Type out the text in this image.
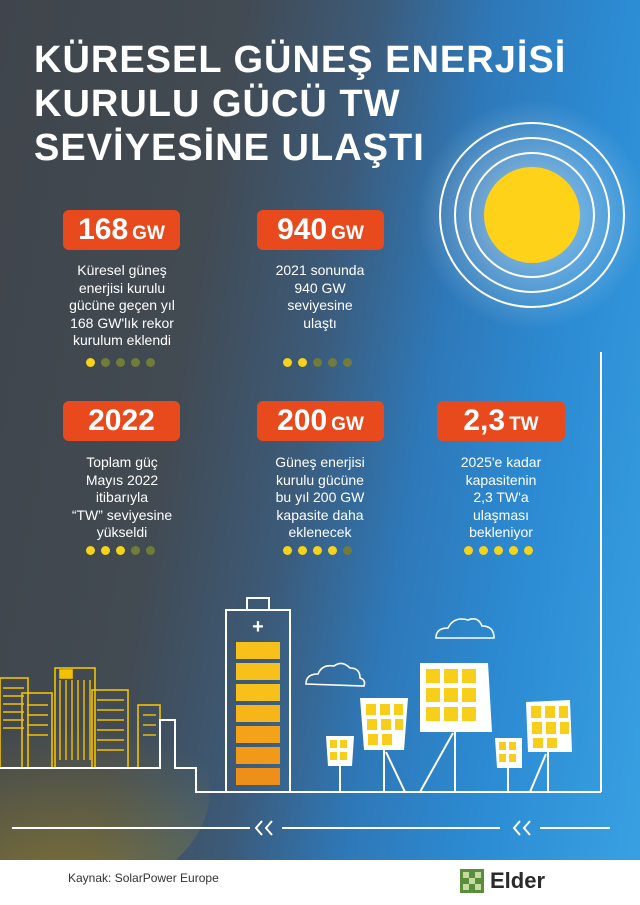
+
KÜRESEL GÜNEŞ ENERJİSİ
KURULU GÜCÜ TW
SEVİYESİNE ULAŞTI
168 GW
Küresel güneş
enerjisi kurulu
gücüne geçen yıl
168 GW'lık rekor
kurulum eklendi
940 GW
2021 sonunda
940 GW
seviyesine
ulaştı
2022
Toplam güç
Mayıs 2022
itibarıyla
“TW” seviyesine
yükseldi
200 GW
Güneş enerjisi
kurulu gücüne
bu yıl 200 GW
kapasite daha
eklenecek
2,3 TW
2025'e kadar
kapasitenin
2,3 TW'a
ulaşması
bekleniyor
Kaynak: SolarPower Europe	Elder
